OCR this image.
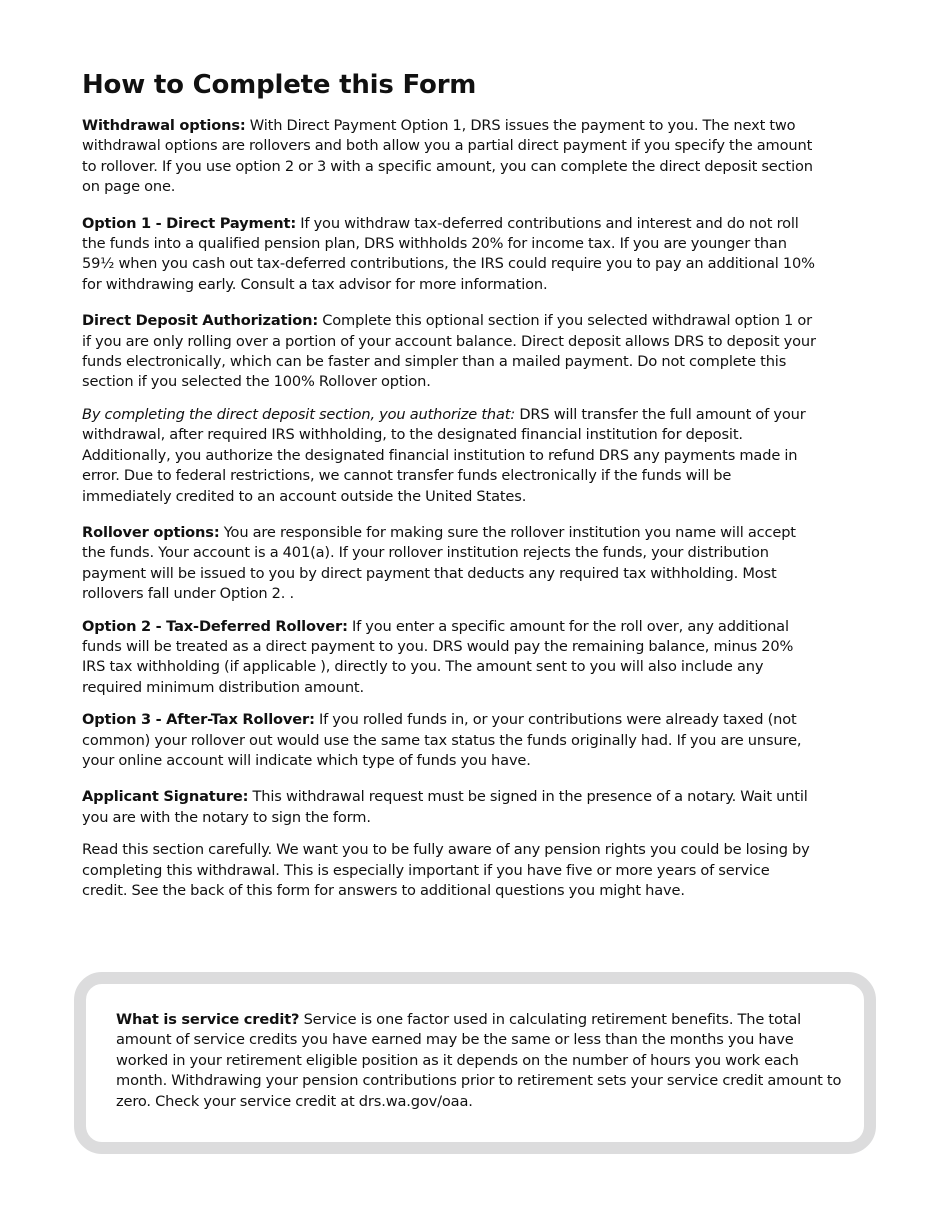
How to Complete this Form

Withdrawal options: With Direct Payment Option 1, DRS issues the payment to you. The next two withdrawal options are rollovers and both allow you a partial direct payment if you specify the amount to rollover. If you use option 2 or 3 with a specific amount, you can complete the direct deposit section on page one.

Option 1 - Direct Payment: If you withdraw tax-deferred contributions and interest and do not roll the funds into a qualified pension plan, DRS withholds 20% for income tax. If you are younger than 59½ when you cash out tax-deferred contributions, the IRS could require you to pay an additional 10% for withdrawing early. Consult a tax advisor for more information.

Direct Deposit Authorization: Complete this optional section if you selected withdrawal option 1 or if you are only rolling over a portion of your account balance. Direct deposit allows DRS to deposit your funds electronically, which can be faster and simpler than a mailed payment. Do not complete this section if you selected the 100% Rollover option.

By completing the direct deposit section, you authorize that: DRS will transfer the full amount of your withdrawal, after required IRS withholding, to the designated financial institution for deposit. Additionally, you authorize the designated financial institution to refund DRS any payments made in error. Due to federal restrictions, we cannot transfer funds electronically if the funds will be immediately credited to an account outside the United States.

Rollover options: You are responsible for making sure the rollover institution you name will accept the funds. Your account is a 401(a). If your rollover institution rejects the funds, your distribution payment will be issued to you by direct payment that deducts any required tax withholding. Most rollovers fall under Option 2. .

Option 2 - Tax-Deferred Rollover: If you enter a specific amount for the roll over, any additional funds will be treated as a direct payment to you. DRS would pay the remaining balance, minus 20% IRS tax withholding (if applicable ), directly to you. The amount sent to you will also include any required minimum distribution amount.

Option 3 - After-Tax Rollover: If you rolled funds in, or your contributions were already taxed (not common) your rollover out would use the same tax status the funds originally had. If you are unsure, your online account will indicate which type of funds you have.

Applicant Signature: This withdrawal request must be signed in the presence of a notary. Wait until you are with the notary to sign the form.

Read this section carefully. We want you to be fully aware of any pension rights you could be losing by completing this withdrawal. This is especially important if you have five or more years of service credit. See the back of this form for answers to additional questions you might have.

What is service credit? Service is one factor used in calculating retirement benefits. The total amount of service credits you have earned may be the same or less than the months you have worked in your retirement eligible position as it depends on the number of hours you work each month. Withdrawing your pension contributions prior to retirement sets your service credit amount to zero. Check your service credit at drs.wa.gov/oaa.
